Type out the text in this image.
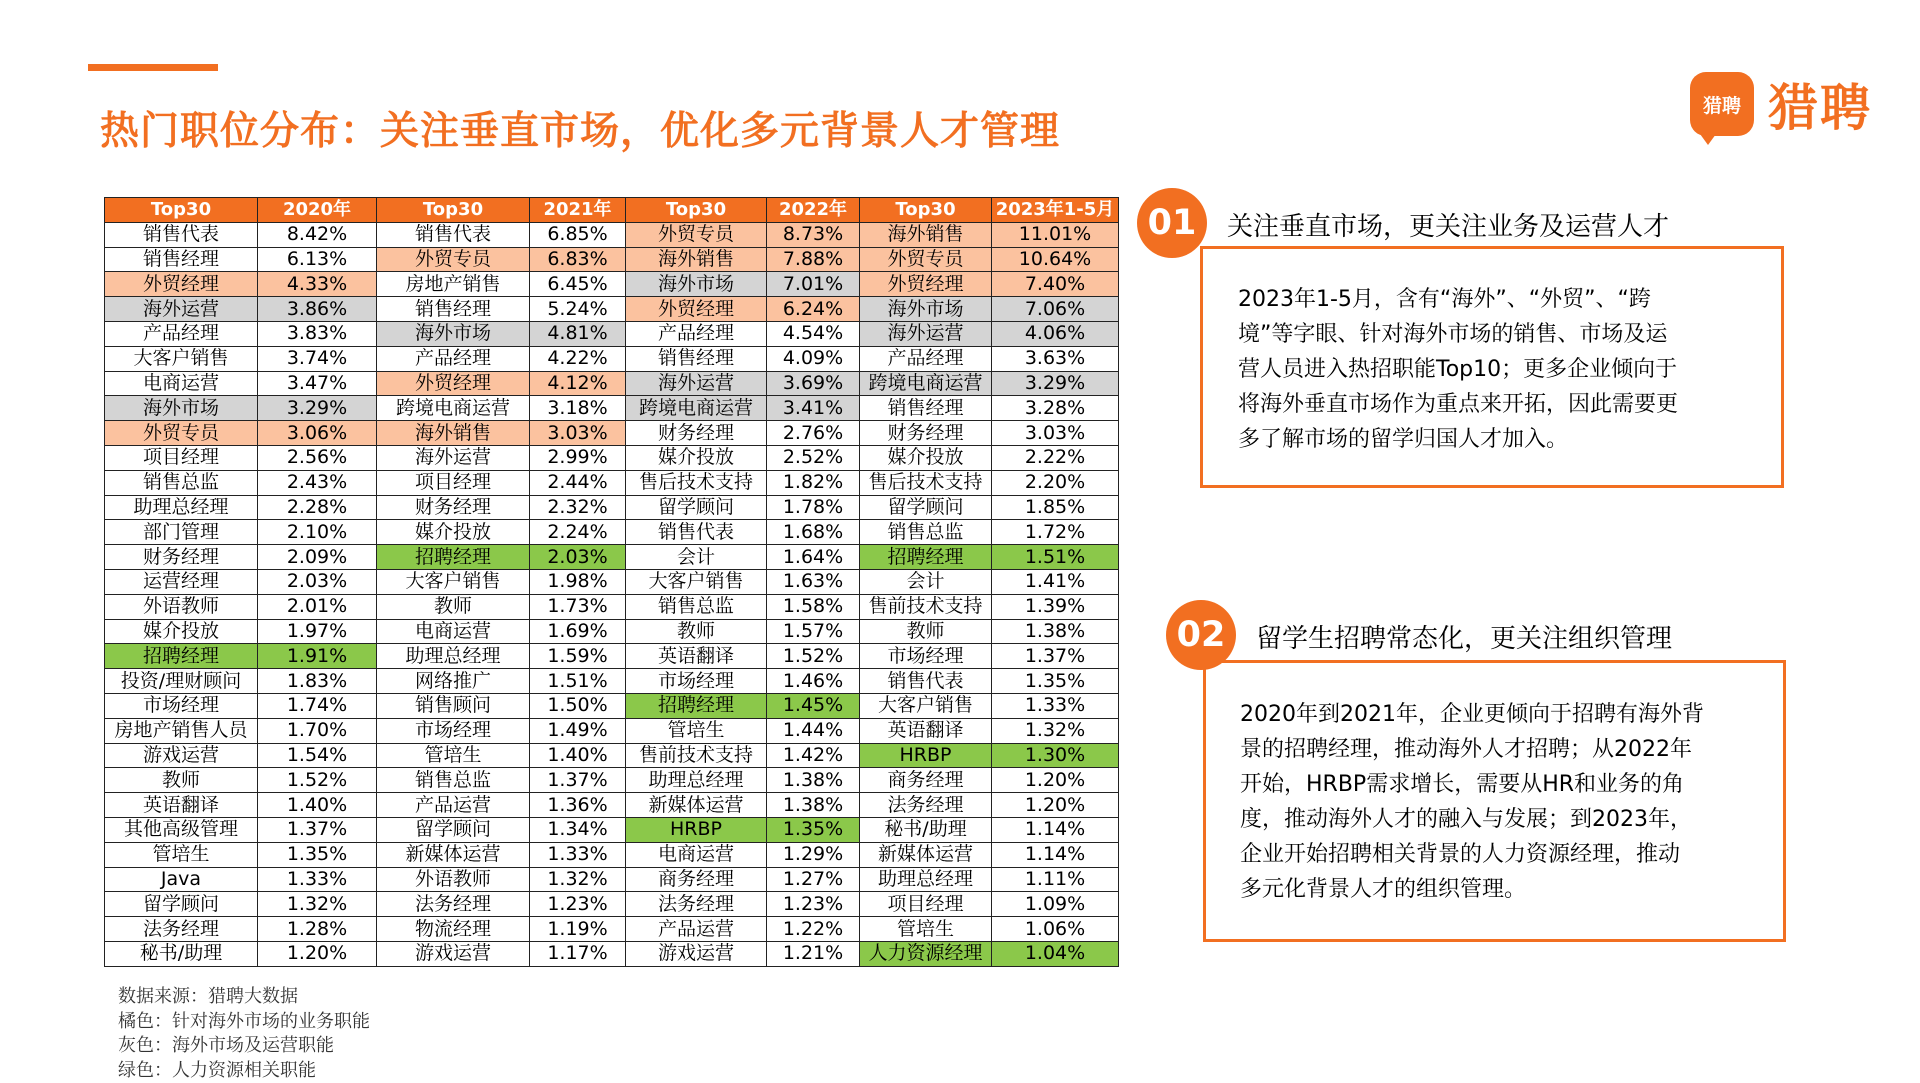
热门职位分布：关注垂直市场，优化多元背景人才管理
猎聘 猎聘
Top30	2020年	Top30	2021年	Top30	2022年	Top30	2023年1-5月
销售代表	8.42%	销售代表	6.85%	外贸专员	8.73%	海外销售	11.01%
销售经理	6.13%	外贸专员	6.83%	海外销售	7.88%	外贸专员	10.64%
外贸经理	4.33%	房地产销售	6.45%	海外市场	7.01%	外贸经理	7.40%
海外运营	3.86%	销售经理	5.24%	外贸经理	6.24%	海外市场	7.06%
产品经理	3.83%	海外市场	4.81%	产品经理	4.54%	海外运营	4.06%
大客户销售	3.74%	产品经理	4.22%	销售经理	4.09%	产品经理	3.63%
电商运营	3.47%	外贸经理	4.12%	海外运营	3.69%	跨境电商运营	3.29%
海外市场	3.29%	跨境电商运营	3.18%	跨境电商运营	3.41%	销售经理	3.28%
外贸专员	3.06%	海外销售	3.03%	财务经理	2.76%	财务经理	3.03%
项目经理	2.56%	海外运营	2.99%	媒介投放	2.52%	媒介投放	2.22%
销售总监	2.43%	项目经理	2.44%	售后技术支持	1.82%	售后技术支持	2.20%
助理总经理	2.28%	财务经理	2.32%	留学顾问	1.78%	留学顾问	1.85%
部门管理	2.10%	媒介投放	2.24%	销售代表	1.68%	销售总监	1.72%
财务经理	2.09%	招聘经理	2.03%	会计	1.64%	招聘经理	1.51%
运营经理	2.03%	大客户销售	1.98%	大客户销售	1.63%	会计	1.41%
外语教师	2.01%	教师	1.73%	销售总监	1.58%	售前技术支持	1.39%
媒介投放	1.97%	电商运营	1.69%	教师	1.57%	教师	1.38%
招聘经理	1.91%	助理总经理	1.59%	英语翻译	1.52%	市场经理	1.37%
投资/理财顾问	1.83%	网络推广	1.51%	市场经理	1.46%	销售代表	1.35%
市场经理	1.74%	销售顾问	1.50%	招聘经理	1.45%	大客户销售	1.33%
房地产销售人员	1.70%	市场经理	1.49%	管培生	1.44%	英语翻译	1.32%
游戏运营	1.54%	管培生	1.40%	售前技术支持	1.42%	HRBP	1.30%
教师	1.52%	销售总监	1.37%	助理总经理	1.38%	商务经理	1.20%
英语翻译	1.40%	产品运营	1.36%	新媒体运营	1.38%	法务经理	1.20%
其他高级管理	1.37%	留学顾问	1.34%	HRBP	1.35%	秘书/助理	1.14%
管培生	1.35%	新媒体运营	1.33%	电商运营	1.29%	新媒体运营	1.14%
Java	1.33%	外语教师	1.32%	商务经理	1.27%	助理总经理	1.11%
留学顾问	1.32%	法务经理	1.23%	法务经理	1.23%	项目经理	1.09%
法务经理	1.28%	物流经理	1.19%	产品运营	1.22%	管培生	1.06%
秘书/助理	1.20%	游戏运营	1.17%	游戏运营	1.21%	人力资源经理	1.04%
数据来源：猎聘大数据
橘色：针对海外市场的业务职能
灰色：海外市场及运营职能
绿色：人力资源相关职能
01	关注垂直市场，更关注业务及运营人才
2023年1-5月，含有“海外”、“外贸”、“跨
境”等字眼、针对海外市场的销售、市场及运
营人员进入热招职能Top10；更多企业倾向于
将海外垂直市场作为重点来开拓，因此需要更
多了解市场的留学归国人才加入。
02	留学生招聘常态化，更关注组织管理
2020年到2021年，企业更倾向于招聘有海外背
景的招聘经理，推动海外人才招聘；从2022年
开始，HRBP需求增长，需要从HR和业务的角
度，推动海外人才的融入与发展；到2023年，
企业开始招聘相关背景的人力资源经理，推动
多元化背景人才的组织管理。
